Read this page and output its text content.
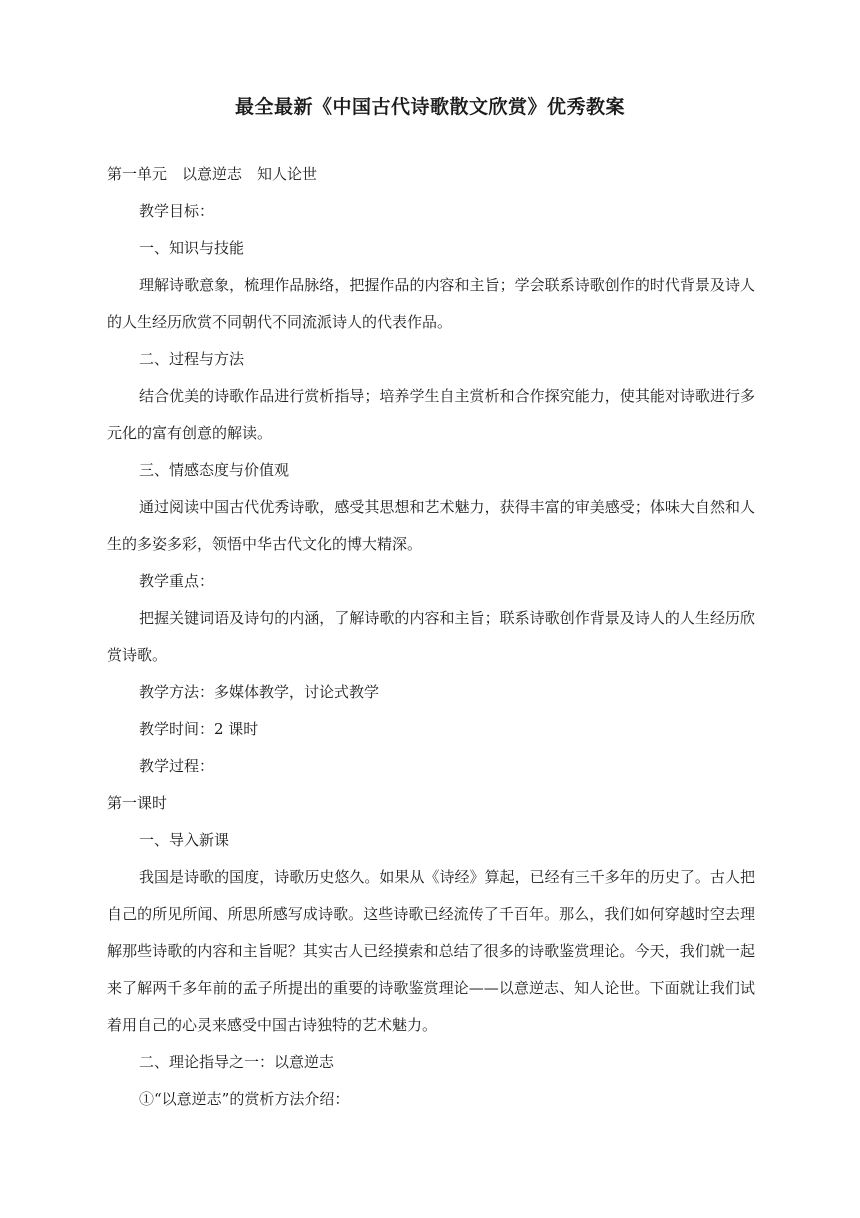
最全最新《中国古代诗歌散文欣赏》优秀教案

第一单元　以意逆志　知人论世

教学目标：

一、知识与技能

理解诗歌意象，梳理作品脉络，把握作品的内容和主旨；学会联系诗歌创作的时代背景及诗人的人生经历欣赏不同朝代不同流派诗人的代表作品。

二、过程与方法

结合优美的诗歌作品进行赏析指导；培养学生自主赏析和合作探究能力，使其能对诗歌进行多元化的富有创意的解读。

三、情感态度与价值观

通过阅读中国古代优秀诗歌，感受其思想和艺术魅力，获得丰富的审美感受；体味大自然和人生的多姿多彩，领悟中华古代文化的博大精深。

教学重点：

把握关键词语及诗句的内涵，了解诗歌的内容和主旨；联系诗歌创作背景及诗人的人生经历欣赏诗歌。

教学方法：多媒体教学，讨论式教学

教学时间：2 课时

教学过程：

第一课时

一、导入新课

我国是诗歌的国度，诗歌历史悠久。如果从《诗经》算起，已经有三千多年的历史了。古人把自己的所见所闻、所思所感写成诗歌。这些诗歌已经流传了千百年。那么，我们如何穿越时空去理解那些诗歌的内容和主旨呢？其实古人已经摸索和总结了很多的诗歌鉴赏理论。今天，我们就一起来了解两千多年前的孟子所提出的重要的诗歌鉴赏理论——以意逆志、知人论世。下面就让我们试着用自己的心灵来感受中国古诗独特的艺术魅力。

二、理论指导之一：以意逆志

①“以意逆志”的赏析方法介绍：
